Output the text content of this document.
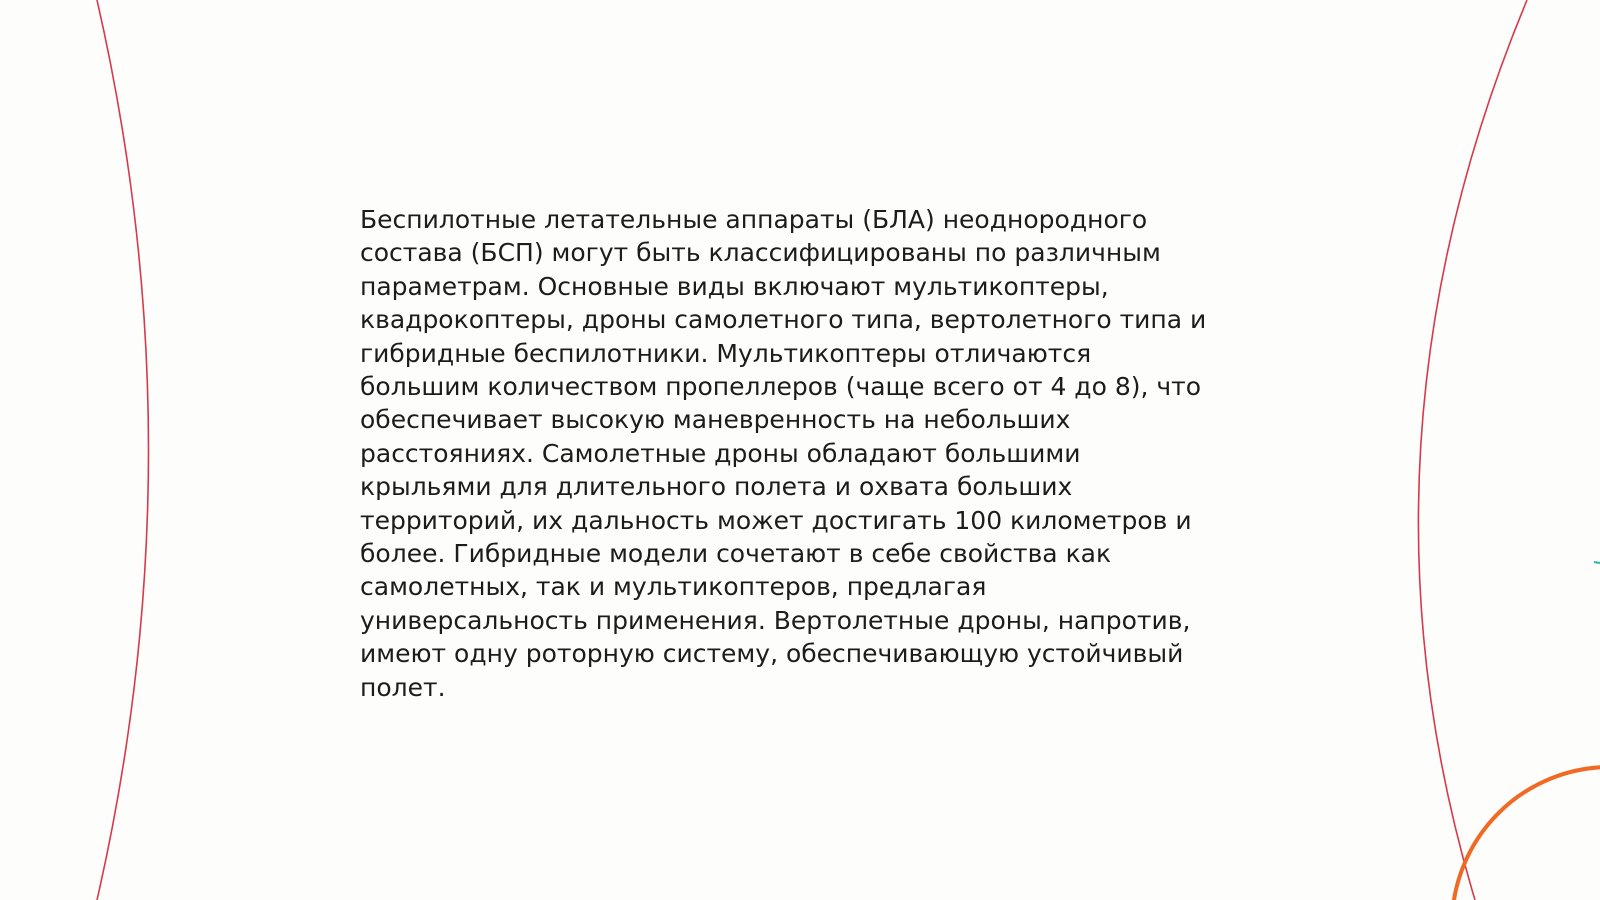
Беспилотные летательные аппараты (БЛА) неоднородного
состава (БСП) могут быть классифицированы по различным
параметрам. Основные виды включают мультикоптеры,
квадрокоптеры, дроны самолетного типа, вертолетного типа и
гибридные беспилотники. Мультикоптеры отличаются
большим количеством пропеллеров (чаще всего от 4 до 8), что
обеспечивает высокую маневренность на небольших
расстояниях. Самолетные дроны обладают большими
крыльями для длительного полета и охвата больших
территорий, их дальность может достигать 100 километров и
более. Гибридные модели сочетают в себе свойства как
самолетных, так и мультикоптеров, предлагая
универсальность применения. Вертолетные дроны, напротив,
имеют одну роторную систему, обеспечивающую устойчивый
полет.
